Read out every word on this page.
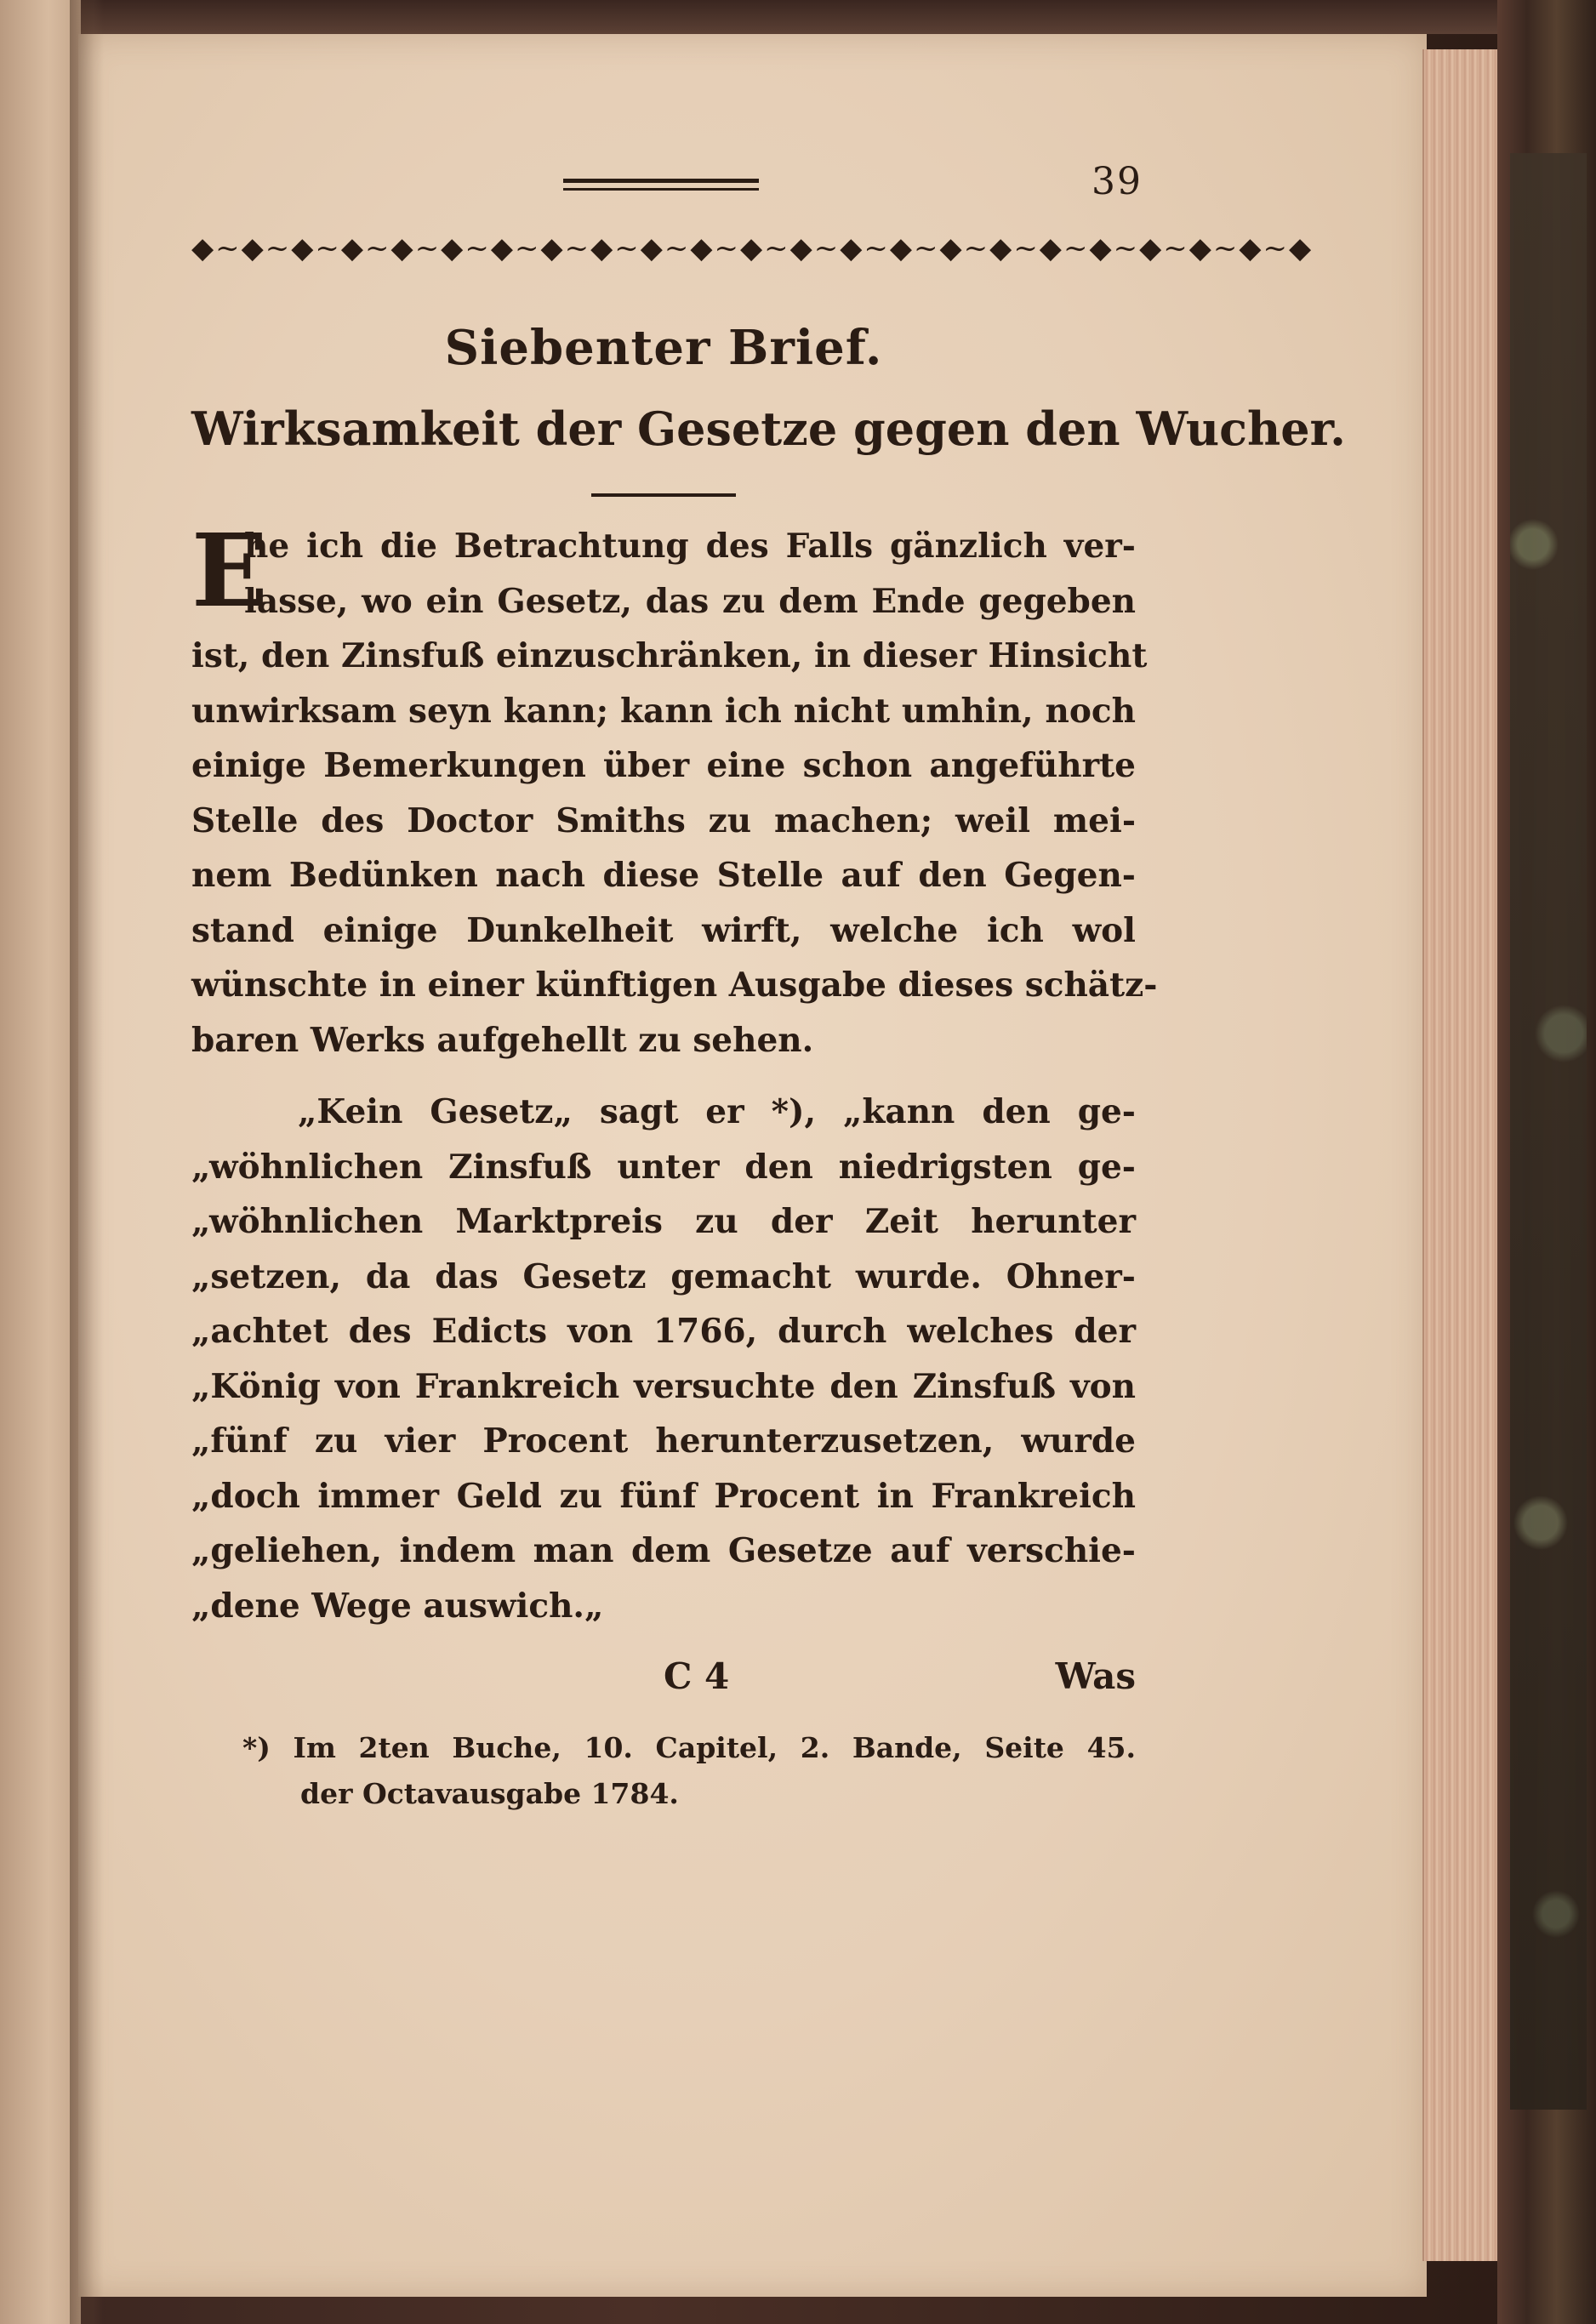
39
◆~◆~◆~◆~◆~◆~◆~◆~◆~◆~◆~◆~◆~◆~◆~◆~◆~◆~◆~◆~◆~◆~◆
Siebenter Brief.
Wirksamkeit der Gesetze gegen den Wucher.
E
he ich die Betrachtung des Falls gänzlich ver-
lasse, wo ein Gesetz, das zu dem Ende gegeben
ist, den Zinsfuß einzuschränken, in dieser Hinsicht
unwirksam seyn kann; kann ich nicht umhin, noch
einige Bemerkungen über eine schon angeführte
Stelle des Doctor Smiths zu machen; weil mei-
nem Bedünken nach diese Stelle auf den Gegen-
stand einige Dunkelheit wirft, welche ich wol
wünschte in einer künftigen Ausgabe dieses schätz-
baren Werks aufgehellt zu sehen.
„Kein Gesetz„ sagt er *), „kann den ge-
„wöhnlichen Zinsfuß unter den niedrigsten ge-
„wöhnlichen Marktpreis zu der Zeit herunter
„setzen, da das Gesetz gemacht wurde. Ohner-
„achtet des Edicts von 1766, durch welches der
„König von Frankreich versuchte den Zinsfuß von
„fünf zu vier Procent herunterzusetzen, wurde
„doch immer Geld zu fünf Procent in Frankreich
„geliehen, indem man dem Gesetze auf verschie-
„dene Wege auswich.„
C 4	Was
*) Im 2ten Buche, 10. Capitel, 2. Bande, Seite 45.
der Octavausgabe 1784.
